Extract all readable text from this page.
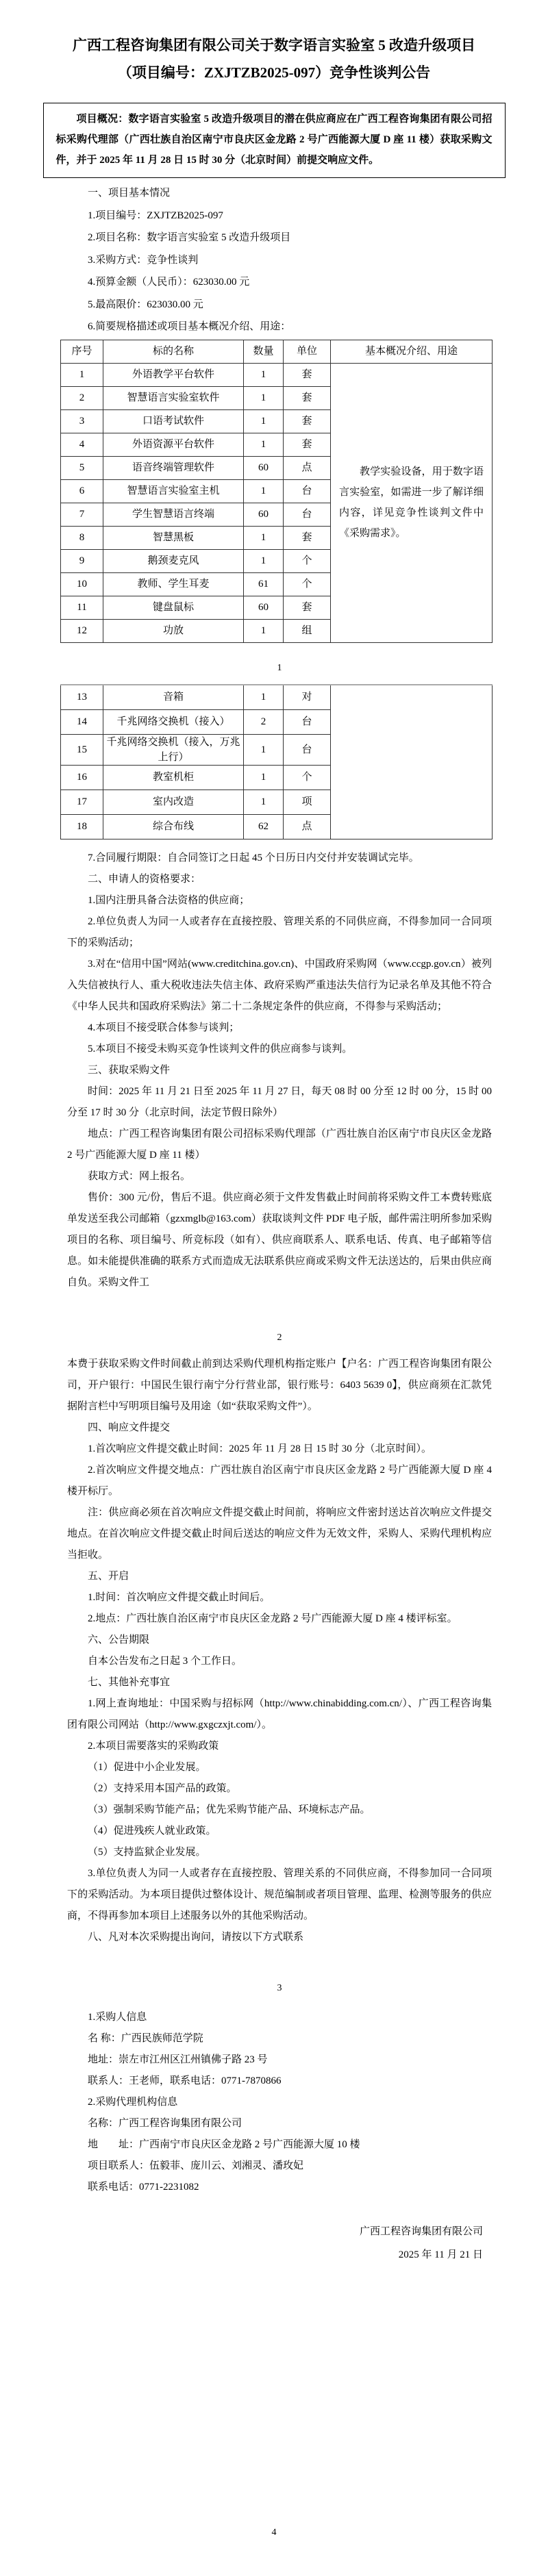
广西工程咨询集团有限公司关于数字语言实验室 5 改造升级项目
（项目编号：ZXJTZB2025-097）竞争性谈判公告

项目概况：数字语言实验室 5 改造升级项目的潜在供应商应在广西工程咨询集团有限公司招标采购代理部（广西壮族自治区南宁市良庆区金龙路 2 号广西能源大厦 D 座 11 楼）获取采购文件，并于 2025 年 11 月 28 日 15 时 30 分（北京时间）前提交响应文件。

一、项目基本情况

1.项目编号：ZXJTZB2025-097

2.项目名称：数字语言实验室 5 改造升级项目

3.采购方式：竞争性谈判

4.预算金额（人民币）：623030.00 元

5.最高限价：623030.00 元

6.简要规格描述或项目基本概况介绍、用途：

序号	标的名称	数量	单位	基本概况介绍、用途
1	外语教学平台软件	1	套	教学实验设备，用于数字语言实验室，如需进一步了解详细内容，详见竞争性谈判文件中《采购需求》。

2	智慧语言实验室软件	1	套	
3	口语考试软件	1	套	
4	外语资源平台软件	1	套	
5	语音终端管理软件	60	点	
6	智慧语言实验室主机	1	台	
7	学生智慧语言终端	60	台	
8	智慧黑板	1	套	
9	鹅颈麦克风	1	个	
10	教师、学生耳麦	61	个	
11	键盘鼠标	60	套	
12	功放	1	组	
1
13	音箱	1	对	
14	千兆网络交换机（接入）	2	台	
15	千兆网络交换机（接入，万兆上行）	1	台	
16	教室机柜	1	个	
17	室内改造	1	项	
18	综合布线	62	点	

7.合同履行期限：自合同签订之日起 45 个日历日内交付并安装调试完毕。

二、申请人的资格要求：

1.国内注册具备合法资格的供应商；

2.单位负责人为同一人或者存在直接控股、管理关系的不同供应商，不得参加同一合同项下的采购活动；

3.对在“信用中国”网站(www.creditchina.gov.cn)、中国政府采购网（www.ccgp.gov.cn）被列入失信被执行人、重大税收违法失信主体、政府采购严重违法失信行为记录名单及其他不符合《中华人民共和国政府采购法》第二十二条规定条件的供应商，不得参与采购活动；

4.本项目不接受联合体参与谈判；

5.本项目不接受未购买竞争性谈判文件的供应商参与谈判。

三、获取采购文件

时间：2025 年 11 月 21 日至 2025 年 11 月 27 日，每天 08 时 00 分至 12 时 00 分，15 时 00 分至 17 时 30 分（北京时间，法定节假日除外）

地点：广西工程咨询集团有限公司招标采购代理部（广西壮族自治区南宁市良庆区金龙路 2 号广西能源大厦 D 座 11 楼）

获取方式：网上报名。

售价：300 元/份，售后不退。供应商必须于文件发售截止时间前将采购文件工本费转账底单发送至我公司邮箱（gzxmglb@163.com）获取谈判文件 PDF 电子版，邮件需注明所参加采购项目的名称、项目编号、所竞标段（如有）、供应商联系人、联系电话、传真、电子邮箱等信息。如未能提供准确的联系方式而造成无法联系供应商或采购文件无法送达的，后果由供应商自负。采购文件工

2

本费于获取采购文件时间截止前到达采购代理机构指定账户【户名：广西工程咨询集团有限公司，开户银行：中国民生银行南宁分行营业部，银行账号：6403 5639 0】，供应商须在汇款凭据附言栏中写明项目编号及用途（如“获取采购文件”）。

四、响应文件提交

1.首次响应文件提交截止时间：2025 年 11 月 28 日 15 时 30 分（北京时间）。

2.首次响应文件提交地点：广西壮族自治区南宁市良庆区金龙路 2 号广西能源大厦 D 座 4 楼开标厅。

注：供应商必须在首次响应文件提交截止时间前，将响应文件密封送达首次响应文件提交地点。在首次响应文件提交截止时间后送达的响应文件为无效文件，采购人、采购代理机构应当拒收。

五、开启

1.时间：首次响应文件提交截止时间后。

2.地点：广西壮族自治区南宁市良庆区金龙路 2 号广西能源大厦 D 座 4 楼评标室。

六、公告期限

自本公告发布之日起 3 个工作日。

七、其他补充事宜

1.网上查询地址：中国采购与招标网（http://www.chinabidding.com.cn/）、广西工程咨询集团有限公司网站（http://www.gxgczxjt.com/）。

2.本项目需要落实的采购政策

（1）促进中小企业发展。

（2）支持采用本国产品的政策。

（3）强制采购节能产品；优先采购节能产品、环境标志产品。

（4）促进残疾人就业政策。

（5）支持监狱企业发展。

3.单位负责人为同一人或者存在直接控股、管理关系的不同供应商，不得参加同一合同项下的采购活动。为本项目提供过整体设计、规范编制或者项目管理、监理、检测等服务的供应商，不得再参加本项目上述服务以外的其他采购活动。

八、凡对本次采购提出询问，请按以下方式联系

3

1.采购人信息

名 称：广西民族师范学院

地址：崇左市江州区江州镇佛子路 23 号

联系人：王老师，联系电话：0771-7870866

2.采购代理机构信息

名称：广西工程咨询集团有限公司

地　　址：广西南宁市良庆区金龙路 2 号广西能源大厦 10 楼

项目联系人：伍毅菲、庞川云、刘湘灵、潘玫妃

联系电话：0771-2231082

广西工程咨询集团有限公司

2025 年 11 月 21 日

4
